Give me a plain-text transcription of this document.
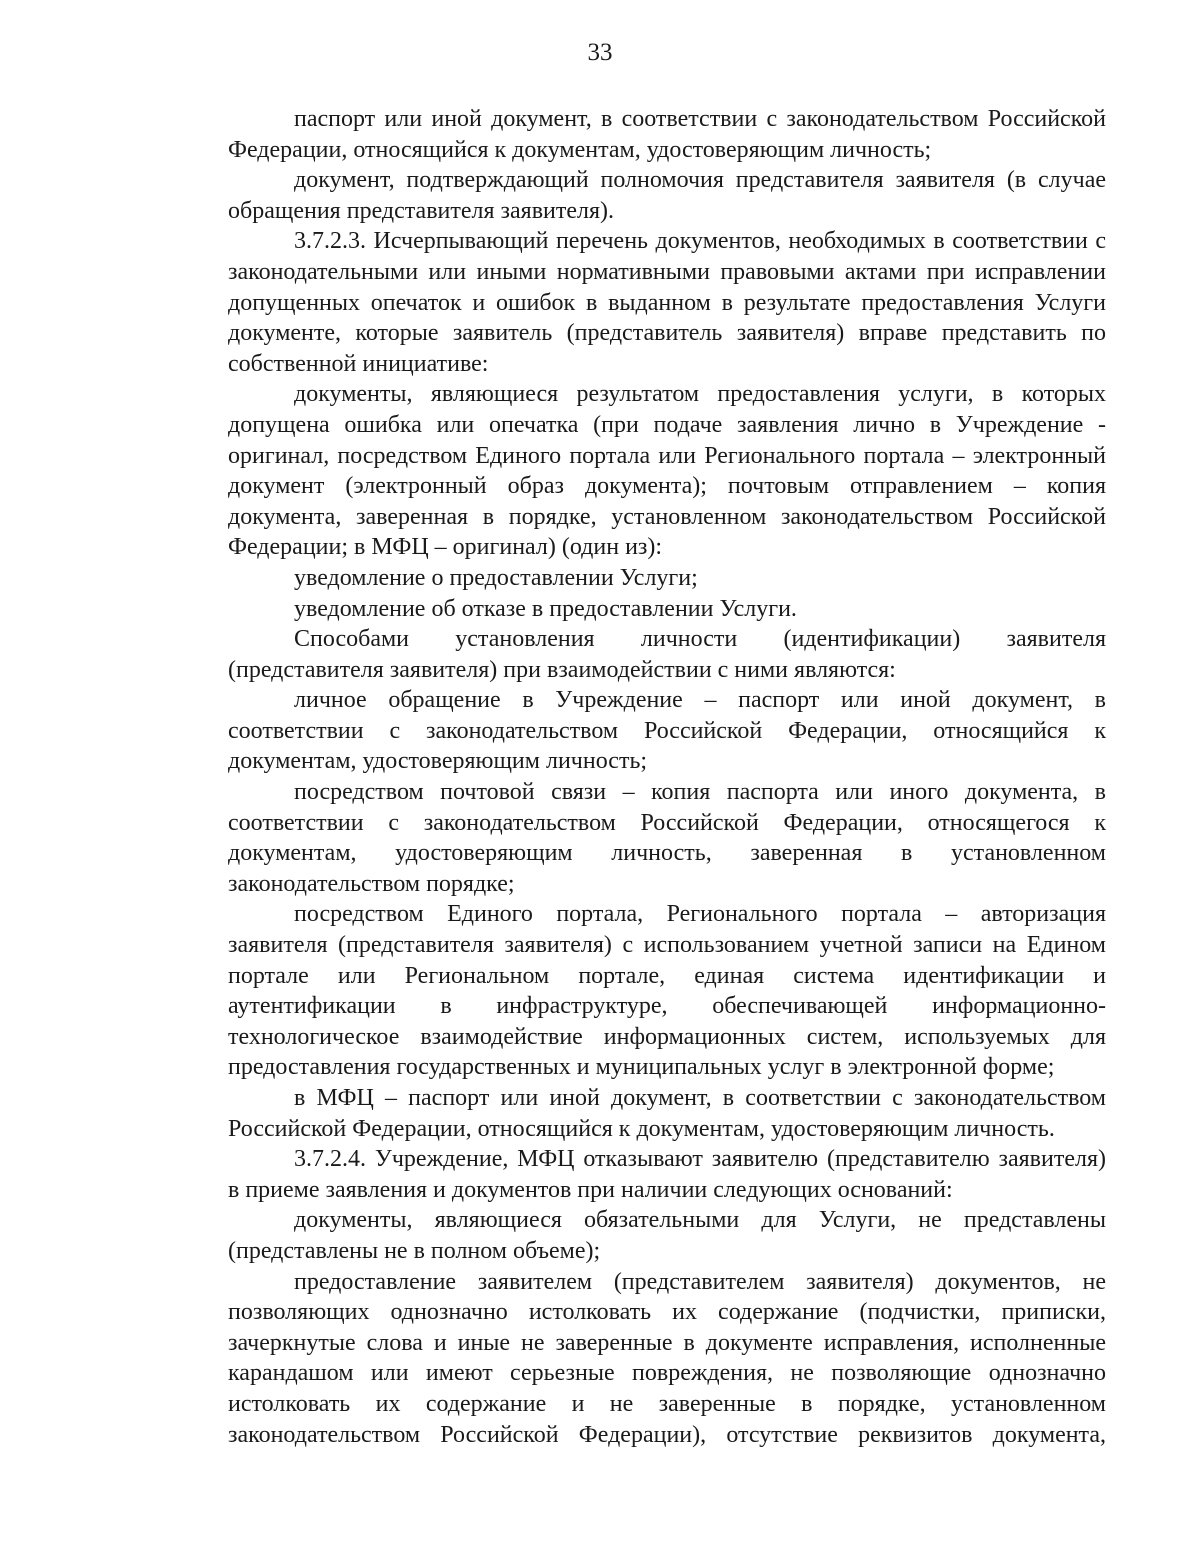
33

паспорт или иной документ, в соответствии с законодательством Российской Федерации, относящийся к документам, удостоверяющим личность;

документ, подтверждающий полномочия представителя заявителя (в случае обращения представителя заявителя).

3.7.2.3. Исчерпывающий перечень документов, необходимых в соответствии с законодательными или иными нормативными правовыми актами при исправлении допущенных опечаток и ошибок в выданном в результате предоставления Услуги документе, которые заявитель (представитель заявителя) вправе представить по собственной инициативе:

документы, являющиеся результатом предоставления услуги, в которых допущена ошибка или опечатка (при подаче заявления лично в Учреждение - оригинал, посредством Единого портала или Регионального портала – электронный документ (электронный образ документа); почтовым отправлением – копия документа, заверенная в порядке, установленном законодательством Российской Федерации; в МФЦ – оригинал) (один из):

уведомление о предоставлении Услуги;

уведомление об отказе в предоставлении Услуги.

Способами установления личности (идентификации) заявителя (представителя заявителя) при взаимодействии с ними являются:

личное обращение в Учреждение – паспорт или иной документ, в соответствии с законодательством Российской Федерации, относящийся к документам, удостоверяющим личность;

посредством почтовой связи – копия паспорта или иного документа, в соответствии с законодательством Российской Федерации, относящегося к документам, удостоверяющим личность, заверенная в установленном законодательством порядке;

посредством Единого портала, Регионального портала – авторизация заявителя (представителя заявителя) с использованием учетной записи на Едином портале или Региональном портале, единая система идентификации и аутентификации в инфраструктуре, обеспечивающей информационно-технологическое взаимодействие информационных систем, используемых для предоставления государственных и муниципальных услуг в электронной форме;

в МФЦ – паспорт или иной документ, в соответствии с законодательством Российской Федерации, относящийся к документам, удостоверяющим личность.

3.7.2.4. Учреждение, МФЦ отказывают заявителю (представителю заявителя) в приеме заявления и документов при наличии следующих оснований:

документы, являющиеся обязательными для Услуги, не представлены (представлены не в полном объеме);

предоставление заявителем (представителем заявителя) документов, не позволяющих однозначно истолковать их содержание (подчистки, приписки, зачеркнутые слова и иные не заверенные в документе исправления, исполненные карандашом или имеют серьезные повреждения, не позволяющие однозначно истолковать их содержание и не заверенные в порядке, установленном законодательством Российской Федерации), отсутствие реквизитов документа,
